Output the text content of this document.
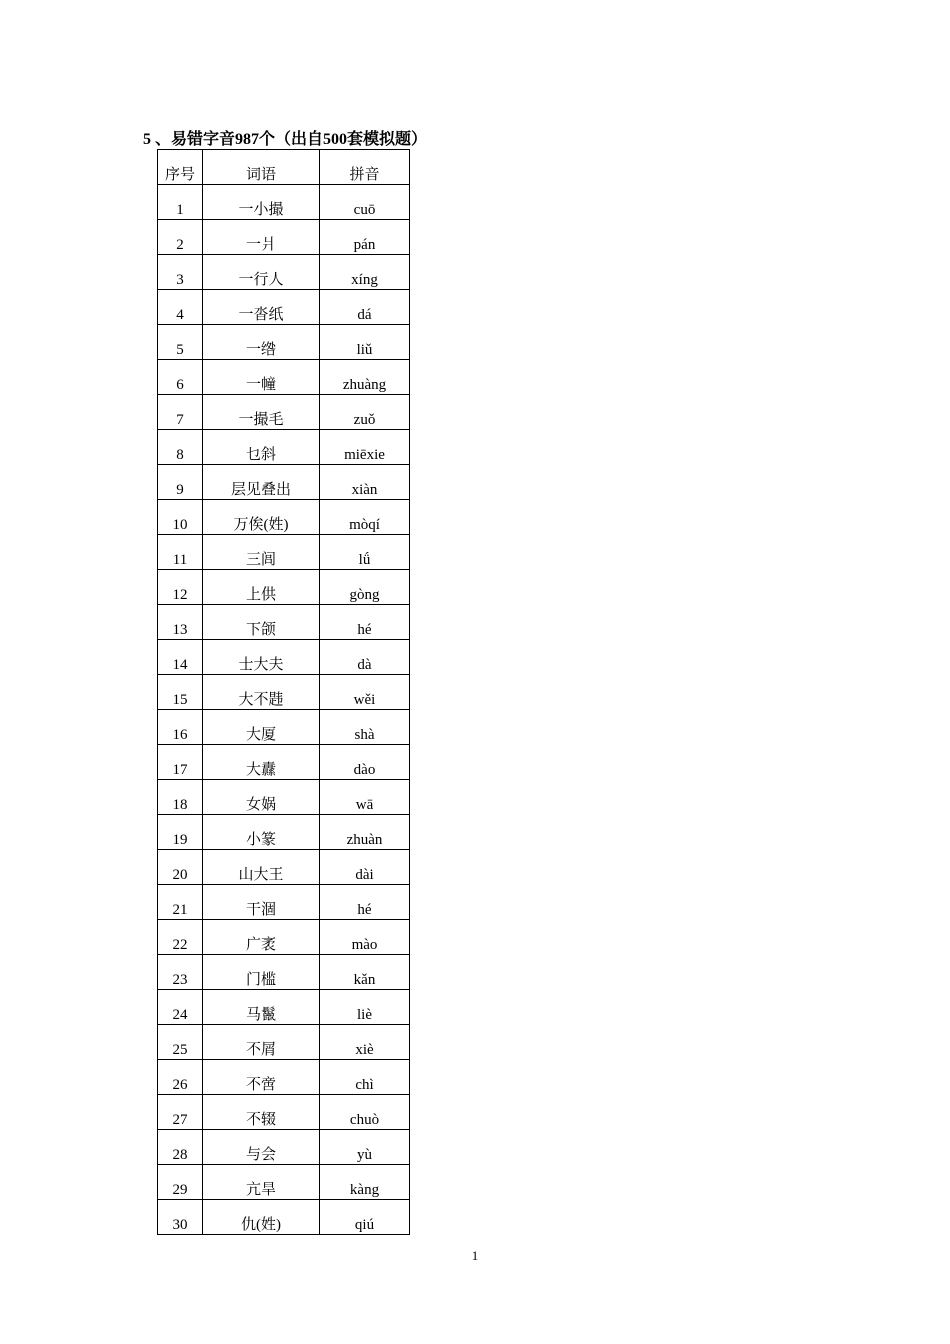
5 、易错字音987个（出自500套模拟题）
序号	词语	拼音
1	一小撮	cuō
2	一爿	pán
3	一行人	xíng
4	一沓纸	dá
5	一绺	liǔ
6	一幢	zhuàng
7	一撮毛	zuǒ
8	乜斜	miēxie
9	层见叠出	xiàn
10	万俟(姓)	mòqí
11	三闾	lǘ
12	上供	gòng
13	下颌	hé
14	士大夫	dà
15	大不韪	wěi
16	大厦	shà
17	大纛	dào
18	女娲	wā
19	小篆	zhuàn
20	山大王	dài
21	干涸	hé
22	广袤	mào
23	门槛	kǎn
24	马鬣	liè
25	不屑	xiè
26	不啻	chì
27	不辍	chuò
28	与会	yù
29	亢旱	kàng
30	仇(姓)	qiú
1
